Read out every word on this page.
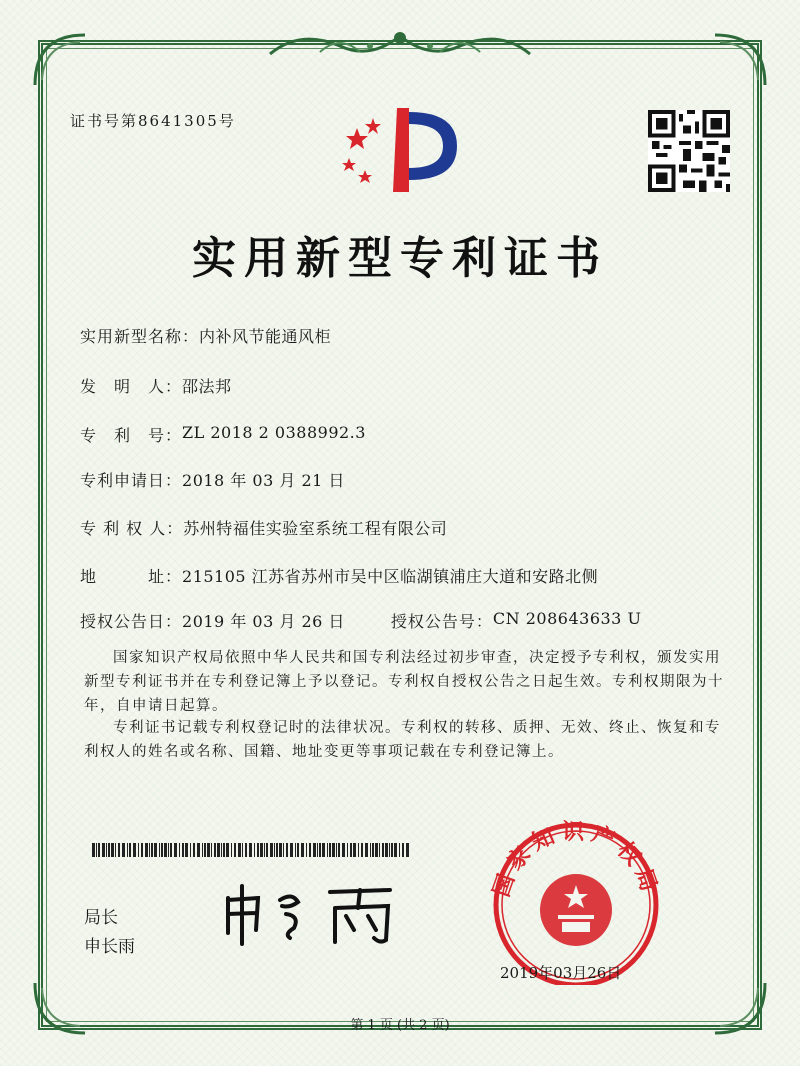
证书号第8641305号
实用新型专利证书
实用新型名称： 内补风节能通风柜
发　明　人： 邵法邦
专　利　号： ZL 2018 2 0388992.3
专利申请日： 2018 年 03 月 21 日
专 利 权 人： 苏州特福佳实验室系统工程有限公司
地　　　址： 215105 江苏省苏州市吴中区临湖镇浦庄大道和安路北侧
授权公告日： 2019 年 03 月 26 日	授权公告号： CN 208643633 U
国家知识产权局依照中华人民共和国专利法经过初步审查，决定授予专利权，颁发实用新型专利证书并在专利登记簿上予以登记。专利权自授权公告之日起生效。专利权期限为十年，自申请日起算。
专利证书记载专利权登记时的法律状况。专利权的转移、质押、无效、终止、恢复和专利权人的姓名或名称、国籍、地址变更等事项记载在专利登记簿上。
局长
申长雨
国家知识产权局
2019年03月26日
第 1 页 (共 2 页)
